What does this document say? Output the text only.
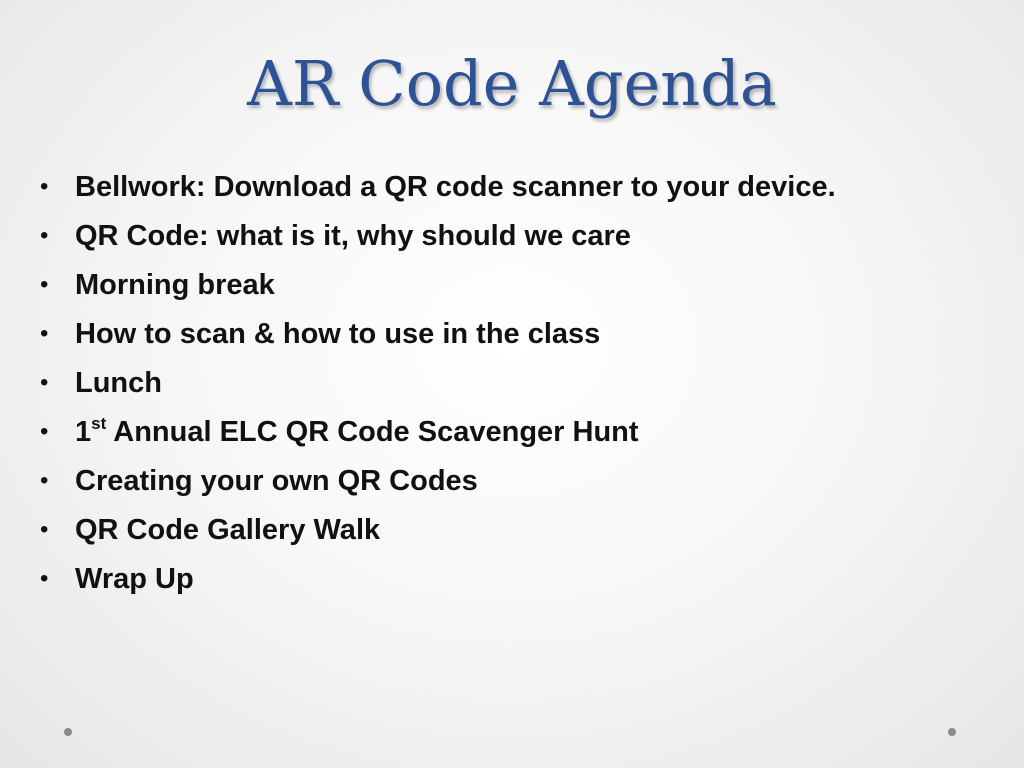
AR Code Agenda
• Bellwork: Download a QR code scanner to your device.
• QR Code: what is it, why should we care
• Morning break
• How to scan & how to use in the class
• Lunch
• 1st Annual ELC QR Code Scavenger Hunt
• Creating your own QR Codes
• QR Code Gallery Walk
• Wrap Up
